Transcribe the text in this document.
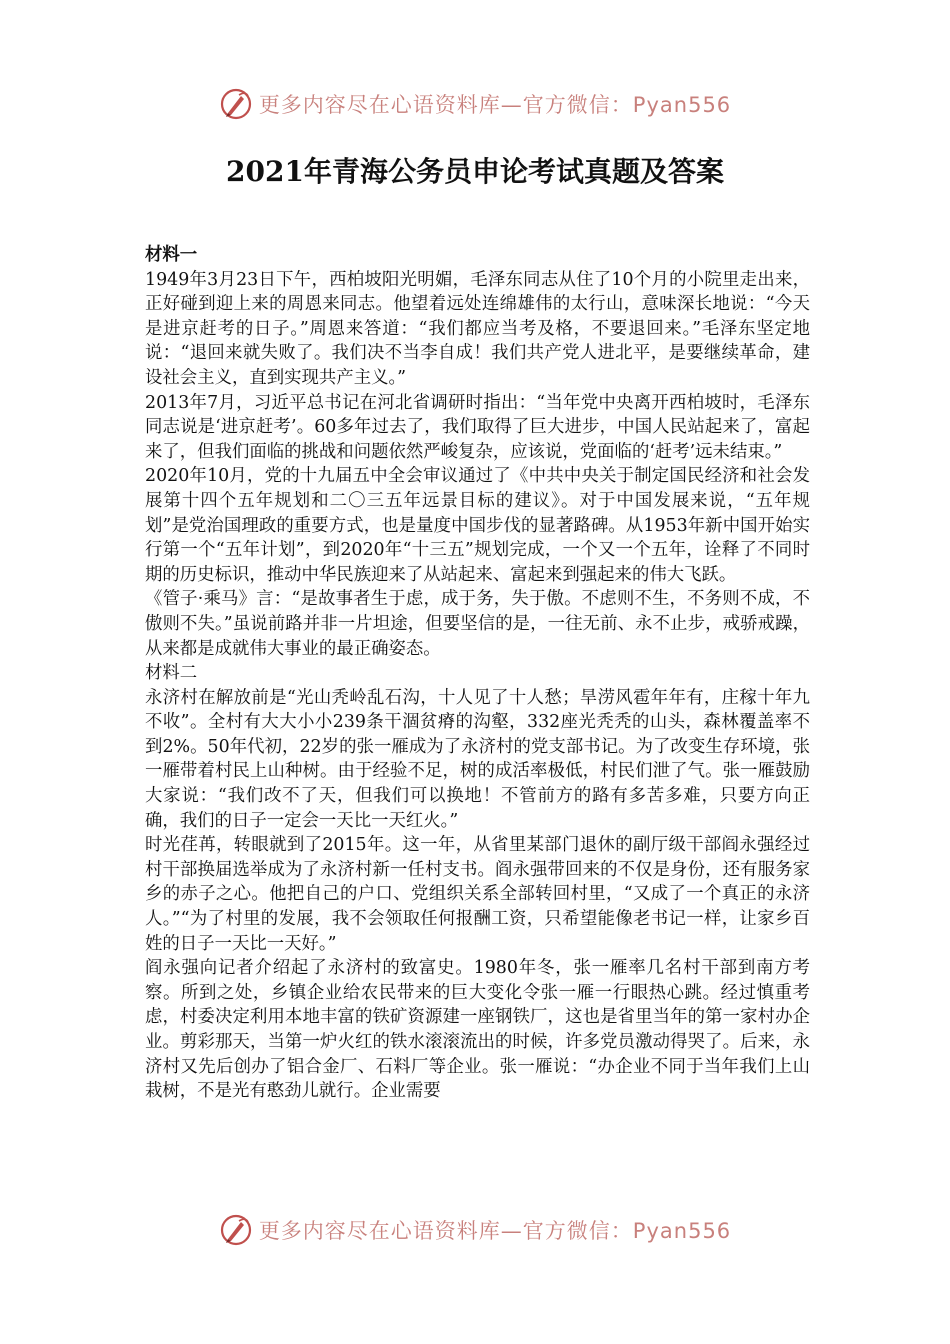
更多内容尽在心语资料库—官方微信：Pyan556
2021年青海公务员申论考试真题及答案

材料一

1949年3月23日下午，西柏坡阳光明媚，毛泽东同志从住了10个月的小院里走出来，正好碰到迎上来的周恩来同志。他望着远处连绵雄伟的太行山，意味深长地说：“今天是进京赶考的日子。”周恩来答道：“我们都应当考及格，不要退回来。”毛泽东坚定地说：“退回来就失败了。我们决不当李自成！我们共产党人进北平，是要继续革命，建设社会主义，直到实现共产主义。”

2013年7月，习近平总书记在河北省调研时指出：“当年党中央离开西柏坡时，毛泽东同志说是‘进京赶考’。60多年过去了，我们取得了巨大进步，中国人民站起来了，富起来了，但我们面临的挑战和问题依然严峻复杂，应该说，党面临的‘赶考’远未结束。”

2020年10月，党的十九届五中全会审议通过了《中共中央关于制定国民经济和社会发展第十四个五年规划和二〇三五年远景目标的建议》。对于中国发展来说，“五年规划”是党治国理政的重要方式，也是量度中国步伐的显著路碑。从1953年新中国开始实行第一个“五年计划”，到2020年“十三五”规划完成，一个又一个五年，诠释了不同时期的历史标识，推动中华民族迎来了从站起来、富起来到强起来的伟大飞跃。

《管子·乘马》言：“是故事者生于虑，成于务，失于傲。不虑则不生，不务则不成，不傲则不失。”虽说前路并非一片坦途，但要坚信的是，一往无前、永不止步，戒骄戒躁，从来都是成就伟大事业的最正确姿态。

材料二

永济村在解放前是“光山秃岭乱石沟，十人见了十人愁；旱涝风雹年年有，庄稼十年九不收”。全村有大大小小239条干涸贫瘠的沟壑，332座光秃秃的山头，森林覆盖率不到2%。50年代初，22岁的张一雁成为了永济村的党支部书记。为了改变生存环境，张一雁带着村民上山种树。由于经验不足，树的成活率极低，村民们泄了气。张一雁鼓励大家说：“我们改不了天，但我们可以换地！不管前方的路有多苦多难，只要方向正确，我们的日子一定会一天比一天红火。”

时光荏苒，转眼就到了2015年。这一年，从省里某部门退休的副厅级干部阎永强经过村干部换届选举成为了永济村新一任村支书。阎永强带回来的不仅是身份，还有服务家乡的赤子之心。他把自己的户口、党组织关系全部转回村里，“又成了一个真正的永济人。”“为了村里的发展，我不会领取任何报酬工资，只希望能像老书记一样，让家乡百姓的日子一天比一天好。”

阎永强向记者介绍起了永济村的致富史。1980年冬，张一雁率几名村干部到南方考察。所到之处，乡镇企业给农民带来的巨大变化令张一雁一行眼热心跳。经过慎重考虑，村委决定利用本地丰富的铁矿资源建一座钢铁厂，这也是省里当年的第一家村办企业。剪彩那天，当第一炉火红的铁水滚滚流出的时候，许多党员激动得哭了。后来，永济村又先后创办了铝合金厂、石料厂等企业。张一雁说：“办企业不同于当年我们上山栽树，不是光有憨劲儿就行。企业需要

更多内容尽在心语资料库—官方微信：Pyan556
